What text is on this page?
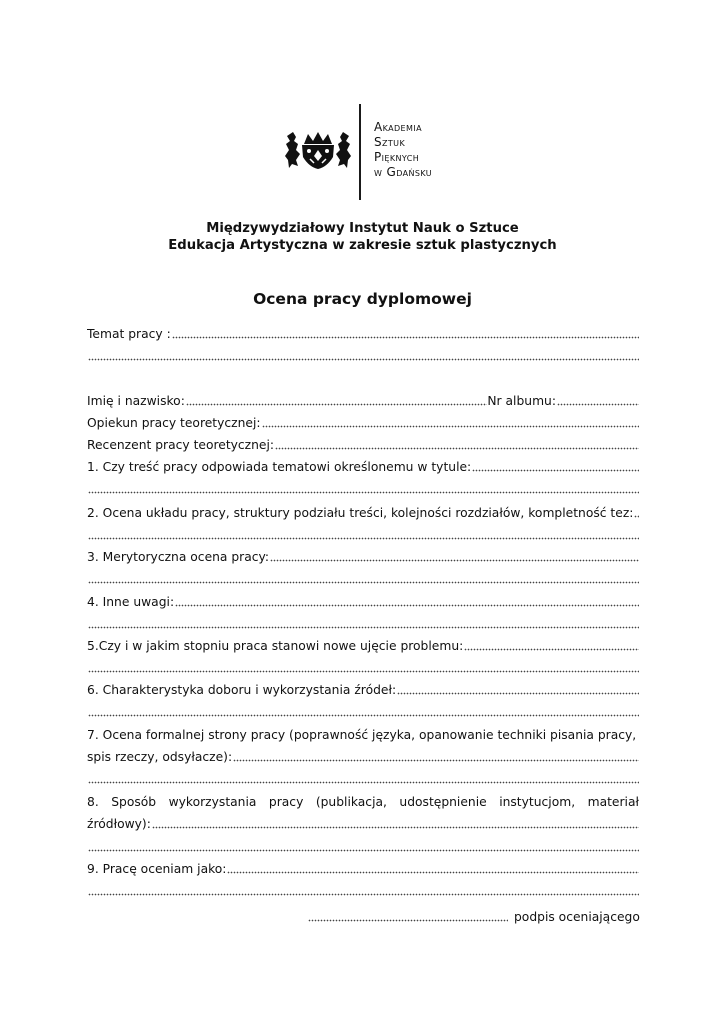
Akademia
Sztuk
Pięknych
w Gdańsku
Międzywydziałowy Instytut Nauk o Sztuce
Edukacja Artystyczna w zakresie sztuk plastycznych
Ocena pracy dyplomowej
Temat pracy :
Imię i nazwisko:	Nr albumu:
Opiekun pracy teoretycznej:
Recenzent pracy teoretycznej:
1. Czy treść pracy odpowiada tematowi określonemu w tytule:
2. Ocena układu pracy, struktury podziału treści, kolejności rozdziałów, kompletność tez:
3. Merytoryczna ocena pracy:
4. Inne uwagi:
5.Czy i w jakim stopniu praca stanowi nowe ujęcie problemu:
6. Charakterystyka doboru i wykorzystania źródeł:
7. Ocena formalnej strony pracy (poprawność języka, opanowanie techniki pisania pracy,
spis rzeczy, odsyłacze):
8. Sposób wykorzystania pracy (publikacja, udostępnienie instytucjom, materiał
źródłowy):
9. Pracę oceniam jako:
podpis oceniającego
